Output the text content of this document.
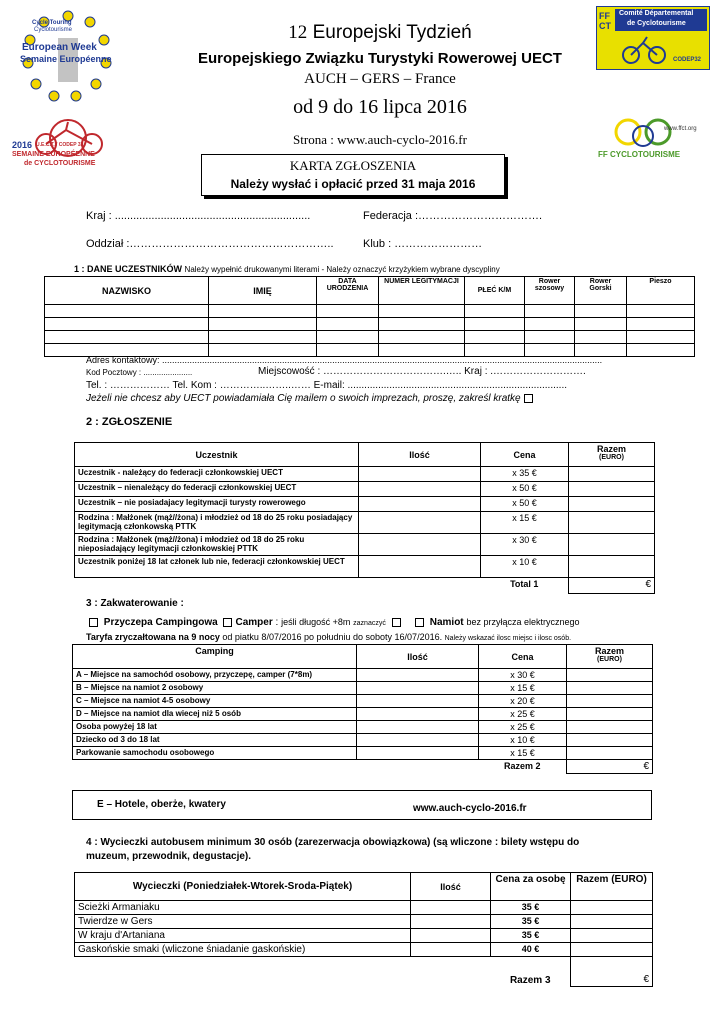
Cycle Touring
Cyclotourisme
European Week
Semaine Européenne
2016 U.E.C.T. / CODEP 32
SEMAINE EUROPÉENNE
de CYCLOTOURISME
FFCT
Comité Départemental
de Cyclotourisme
CODEP32
www.ffct.org
FF CYCLOTOURISME
12 Europejski Tydzień
Europejskiego Związku Turystyki Rowerowej UECT
AUCH – GERS – France
od 9 do 16 lipca 2016
Strona : www.auch-cyclo-2016.fr
KARTA ZGŁOSZENIA
Należy wysłać i opłacić przed 31 maja 2016
Kraj : ................................................................	Federacja :…………………………….
Oddział :………………………………………………..	Klub : ……………………
1 : DANE UCZESTNIKÓW Należy wypełnić drukowanymi literami - Należy oznaczyć krzyżykiem wybrane dyscypliny
NAZWISKO	IMIĘ	DATA URODZENIA	NUMER LEGITYMACJI	PŁEĆ K/M	Rower szosowy	Rower Gorski	Pieszo

Adres kontaktowy: ................................................................................................................................................................................
Kod Pocztowy : ......................	Miejscowość : ……………………………….….. Kraj : .……………………….
Tel. : ……………… Tel. Kom : …………..……..…… E-mail: ...............................................................................
Jeżeli nie chcesz aby UECT powiadamiała Cię mailem o swoich imprezach, proszę, zakreśl kratkę
2 : ZGŁOSZENIE
Uczestnik	Ilość	Cena	Razem
(EURO)

Uczestnik - należący do federacji członkowskiej UECT		x 35 €	
Uczestnik – nienależący do federacji członkowskiej UECT		x 50 €	
Uczestnik – nie posiadajacy legitymacji turysty rowerowego		x 50 €	
Rodzina : Małżonek (mąż//żona) i młodzież od 18 do 25 roku posiadający legitymacją członkowską PTTK		x 15 €	
Rodzina : Małżonek (mąż//żona) i młodzież od 18 do 25 roku nieposiadający legitymacji członkowskiej PTTK		x 30 €	
Uczestnik poniżej 18 lat członek lub nie, federacji członkowskiej UECT		x 10 €	
		Total 1	€
3 : Zakwaterowanie :
Przyczepa Campingowa Camper : jeśli długość +8m zaznaczyć	Namiot bez przyłącza elektrycznego
Taryfa zryczałtowana na 9 nocy od piatku 8/07/2016 po południu do soboty 16/07/2016. Należy wskazać ilosc miejsc i ilosc osób.
Camping	Ilość	Cena	Razem
(EURO)

A – Miejsce na samochód osobowy, przyczepę, camper (7*8m)		x 30 €	
B – Miejsce na namiot 2 osobowy		x 15 €	
C – Miejsce na namiot 4-5 osobowy		x 20 €	
D – Miejsce na namiot dla wiecej niż 5 osób		x 25 €	
Osoba powyżej 18 lat		x 25 €	
Dziecko od 3 do 18 lat		x 10 €	
Parkowanie samochodu osobowego		x 15 €	
		Razem 2	€
E – Hotele, oberże, kwatery	www.auch-cyclo-2016.fr
4 : Wycieczki autobusem minimum 30 osób (zarezerwacja obowiązkowa) (są wliczone : bilety wstępu do muzeum, przewodnik, degustacje).
Wycieczki (Poniedziałek-Wtorek-Sroda-Piątek)	Ilość	Cena za osobę	Razem (EURO)
Scieżki Armaniaku		35 €	
Twierdze w Gers		35 €	
W kraju d'Artaniana		35 €	
Gaskońskie smaki (wliczone śniadanie gaskońskie)		40 €	
		Razem 3	€
